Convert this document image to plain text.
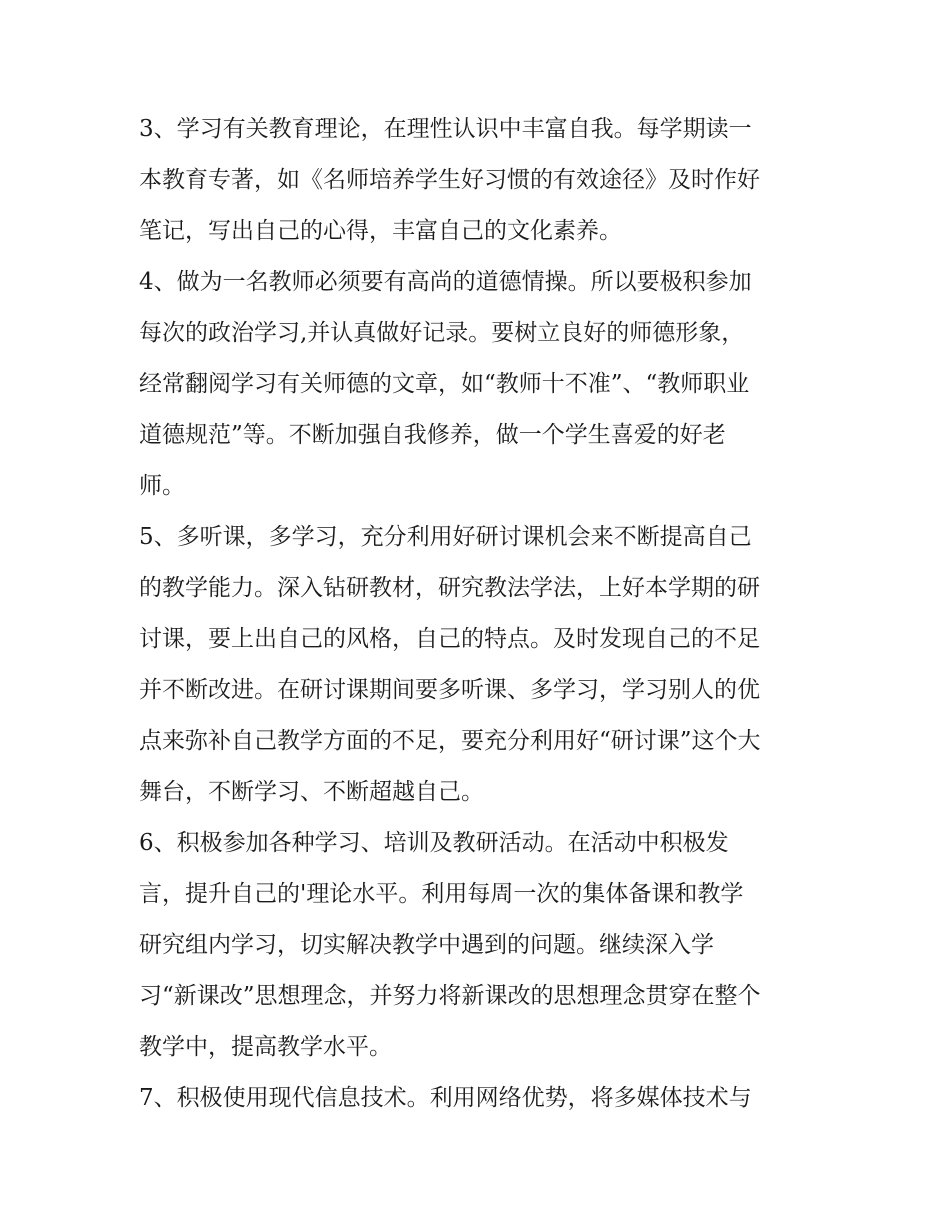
3、学习有关教育理论，在理性认识中丰富自我。每学期读一
本教育专著，如《名师培养学生好习惯的有效途径》及时作好
笔记，写出自己的心得，丰富自己的文化素养。
4、做为一名教师必须要有高尚的道德情操。所以要极积参加
每次的政治学习,并认真做好记录。要树立良好的师德形象，
经常翻阅学习有关师德的文章，如“教师十不准”、“教师职业
道德规范”等。不断加强自我修养，做一个学生喜爱的好老
师。
5、多听课，多学习，充分利用好研讨课机会来不断提高自己
的教学能力。深入钻研教材，研究教法学法，上好本学期的研
讨课，要上出自己的风格，自己的特点。及时发现自己的不足
并不断改进。在研讨课期间要多听课、多学习，学习别人的优
点来弥补自己教学方面的不足，要充分利用好“研讨课”这个大
舞台，不断学习、不断超越自己。
6、积极参加各种学习、培训及教研活动。在活动中积极发
言，提升自己的'理论水平。利用每周一次的集体备课和教学
研究组内学习，切实解决教学中遇到的问题。继续深入学
习“新课改”思想理念，并努力将新课改的思想理念贯穿在整个
教学中，提高教学水平。
7、积极使用现代信息技术。利用网络优势，将多媒体技术与
